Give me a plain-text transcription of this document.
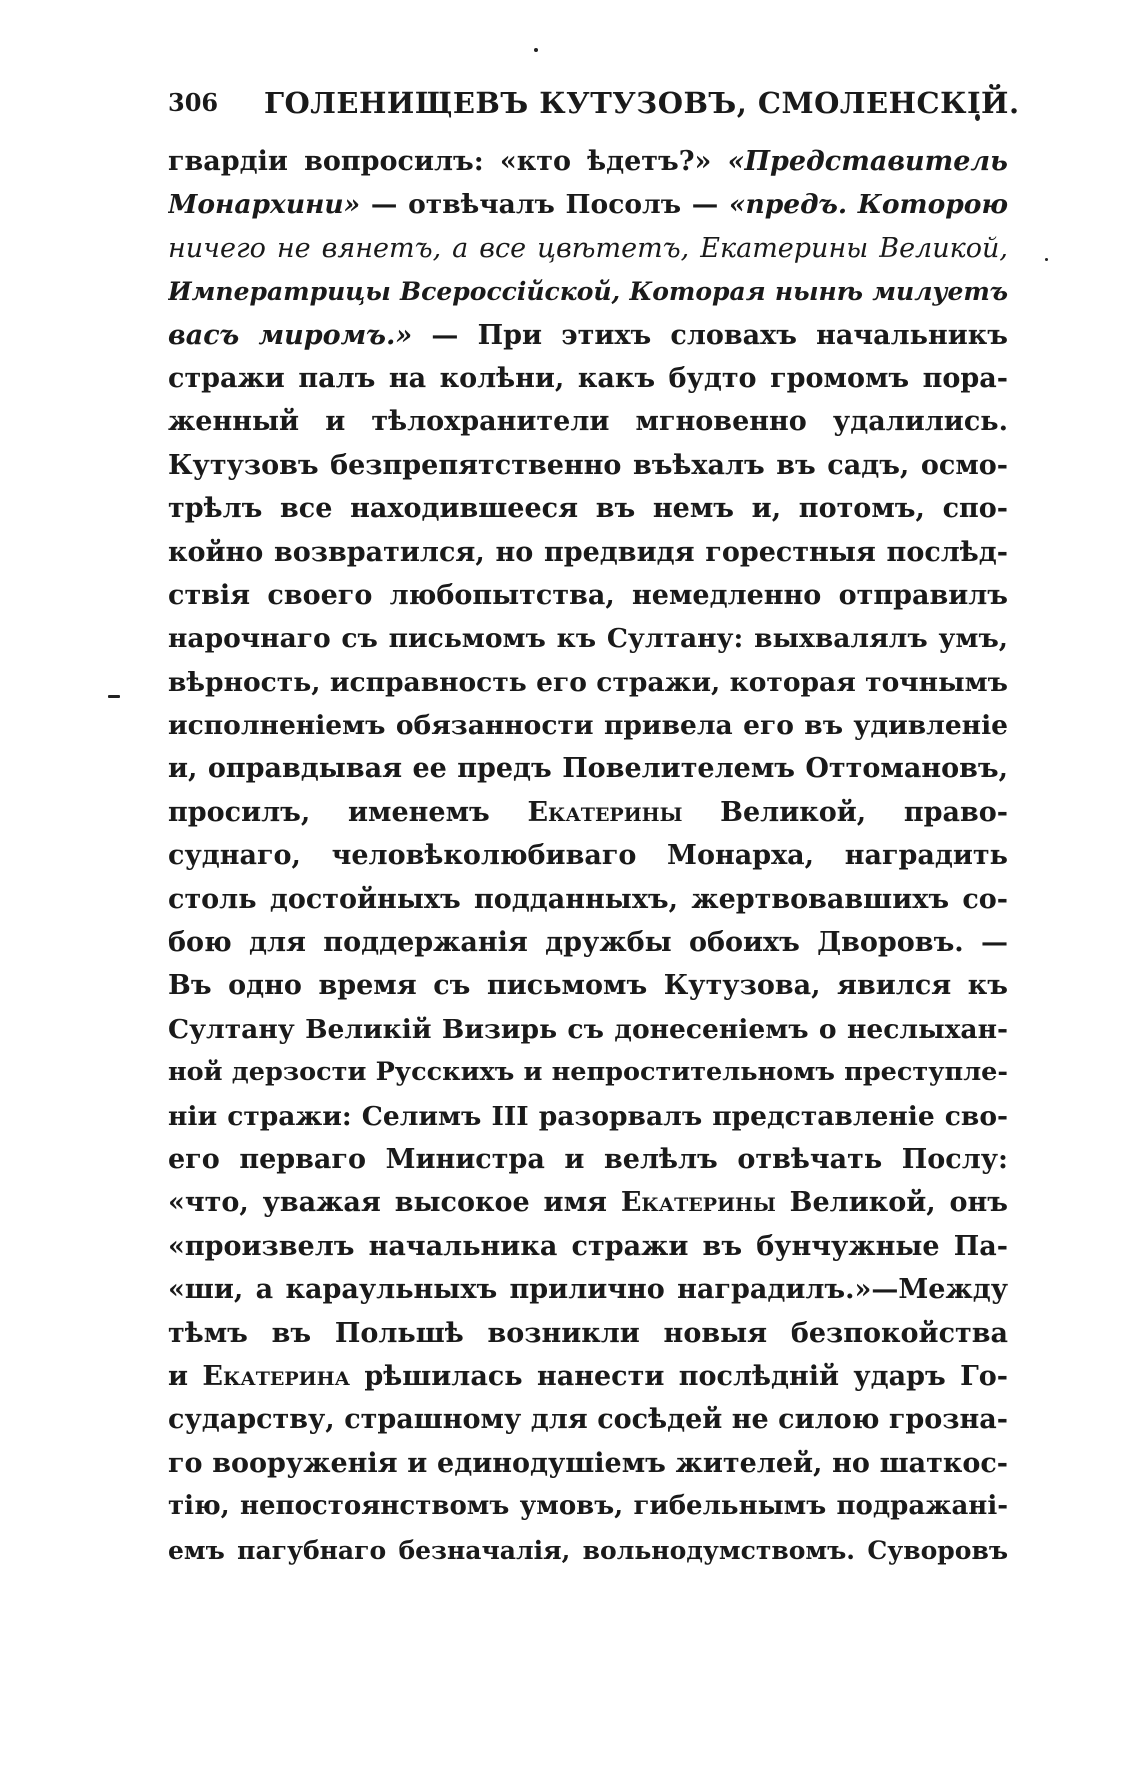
306 ГОЛЕНИЩЕВЪ КУТУЗОВЪ, СМОЛЕНСКІЙ.
гвардіи вопросилъ: «кто ѣдетъ?» «Представитель
Монархини» — отвѣчалъ Посолъ — «предъ. Которою
ничего не вянетъ, а все цвѣтетъ, Екатерины Великой,
Императрицы Всероссійской, Которая нынѣ милуетъ
васъ миромъ.» — При этихъ словахъ начальникъ
стражи палъ на колѣни, какъ будто громомъ пора-
женный и тѣлохранители мгновенно удалились.
Кутузовъ безпрепятственно въѣхалъ въ садъ, осмо-
трѣлъ все находившееся въ немъ и, потомъ, спо-
койно возвратился, но предвидя горестныя послѣд-
ствія своего любопытства, немедленно отправилъ
нарочнаго съ письмомъ къ Султану: выхвалялъ умъ,
вѣрность, исправность его стражи, которая точнымъ
исполненіемъ обязанности привела его въ удивленіе
и, оправдывая ее предъ Повелителемъ Оттомановъ,
просилъ, именемъ Екатерины Великой, право-
суднаго, человѣколюбиваго Монарха, наградить
столь достойныхъ подданныхъ, жертвовавшихъ со-
бою для поддержанія дружбы обоихъ Дворовъ. —
Въ одно время съ письмомъ Кутузова, явился къ
Султану Великій Визирь съ донесеніемъ о неслыхан-
ной дерзости Русскихъ и непростительномъ преступле-
ніи стражи: Селимъ III разорвалъ представленіе сво-
его перваго Министра и велѣлъ отвѣчать Послу:
«что, уважая высокое имя Екатерины Великой, онъ
«произвелъ начальника стражи въ бунчужные Па-
«ши, а караульныхъ прилично наградилъ.»—Между
тѣмъ въ Польшѣ возникли новыя безпокойства
и Екатерина рѣшилась нанести послѣдній ударъ Го-
сударству, страшному для сосѣдей не силою грозна-
го вооруженія и единодушіемъ жителей, но шаткос-
тію, непостоянствомъ умовъ, гибельнымъ подражані-
емъ пагубнаго безначалія, вольнодумствомъ. Суворовъ
